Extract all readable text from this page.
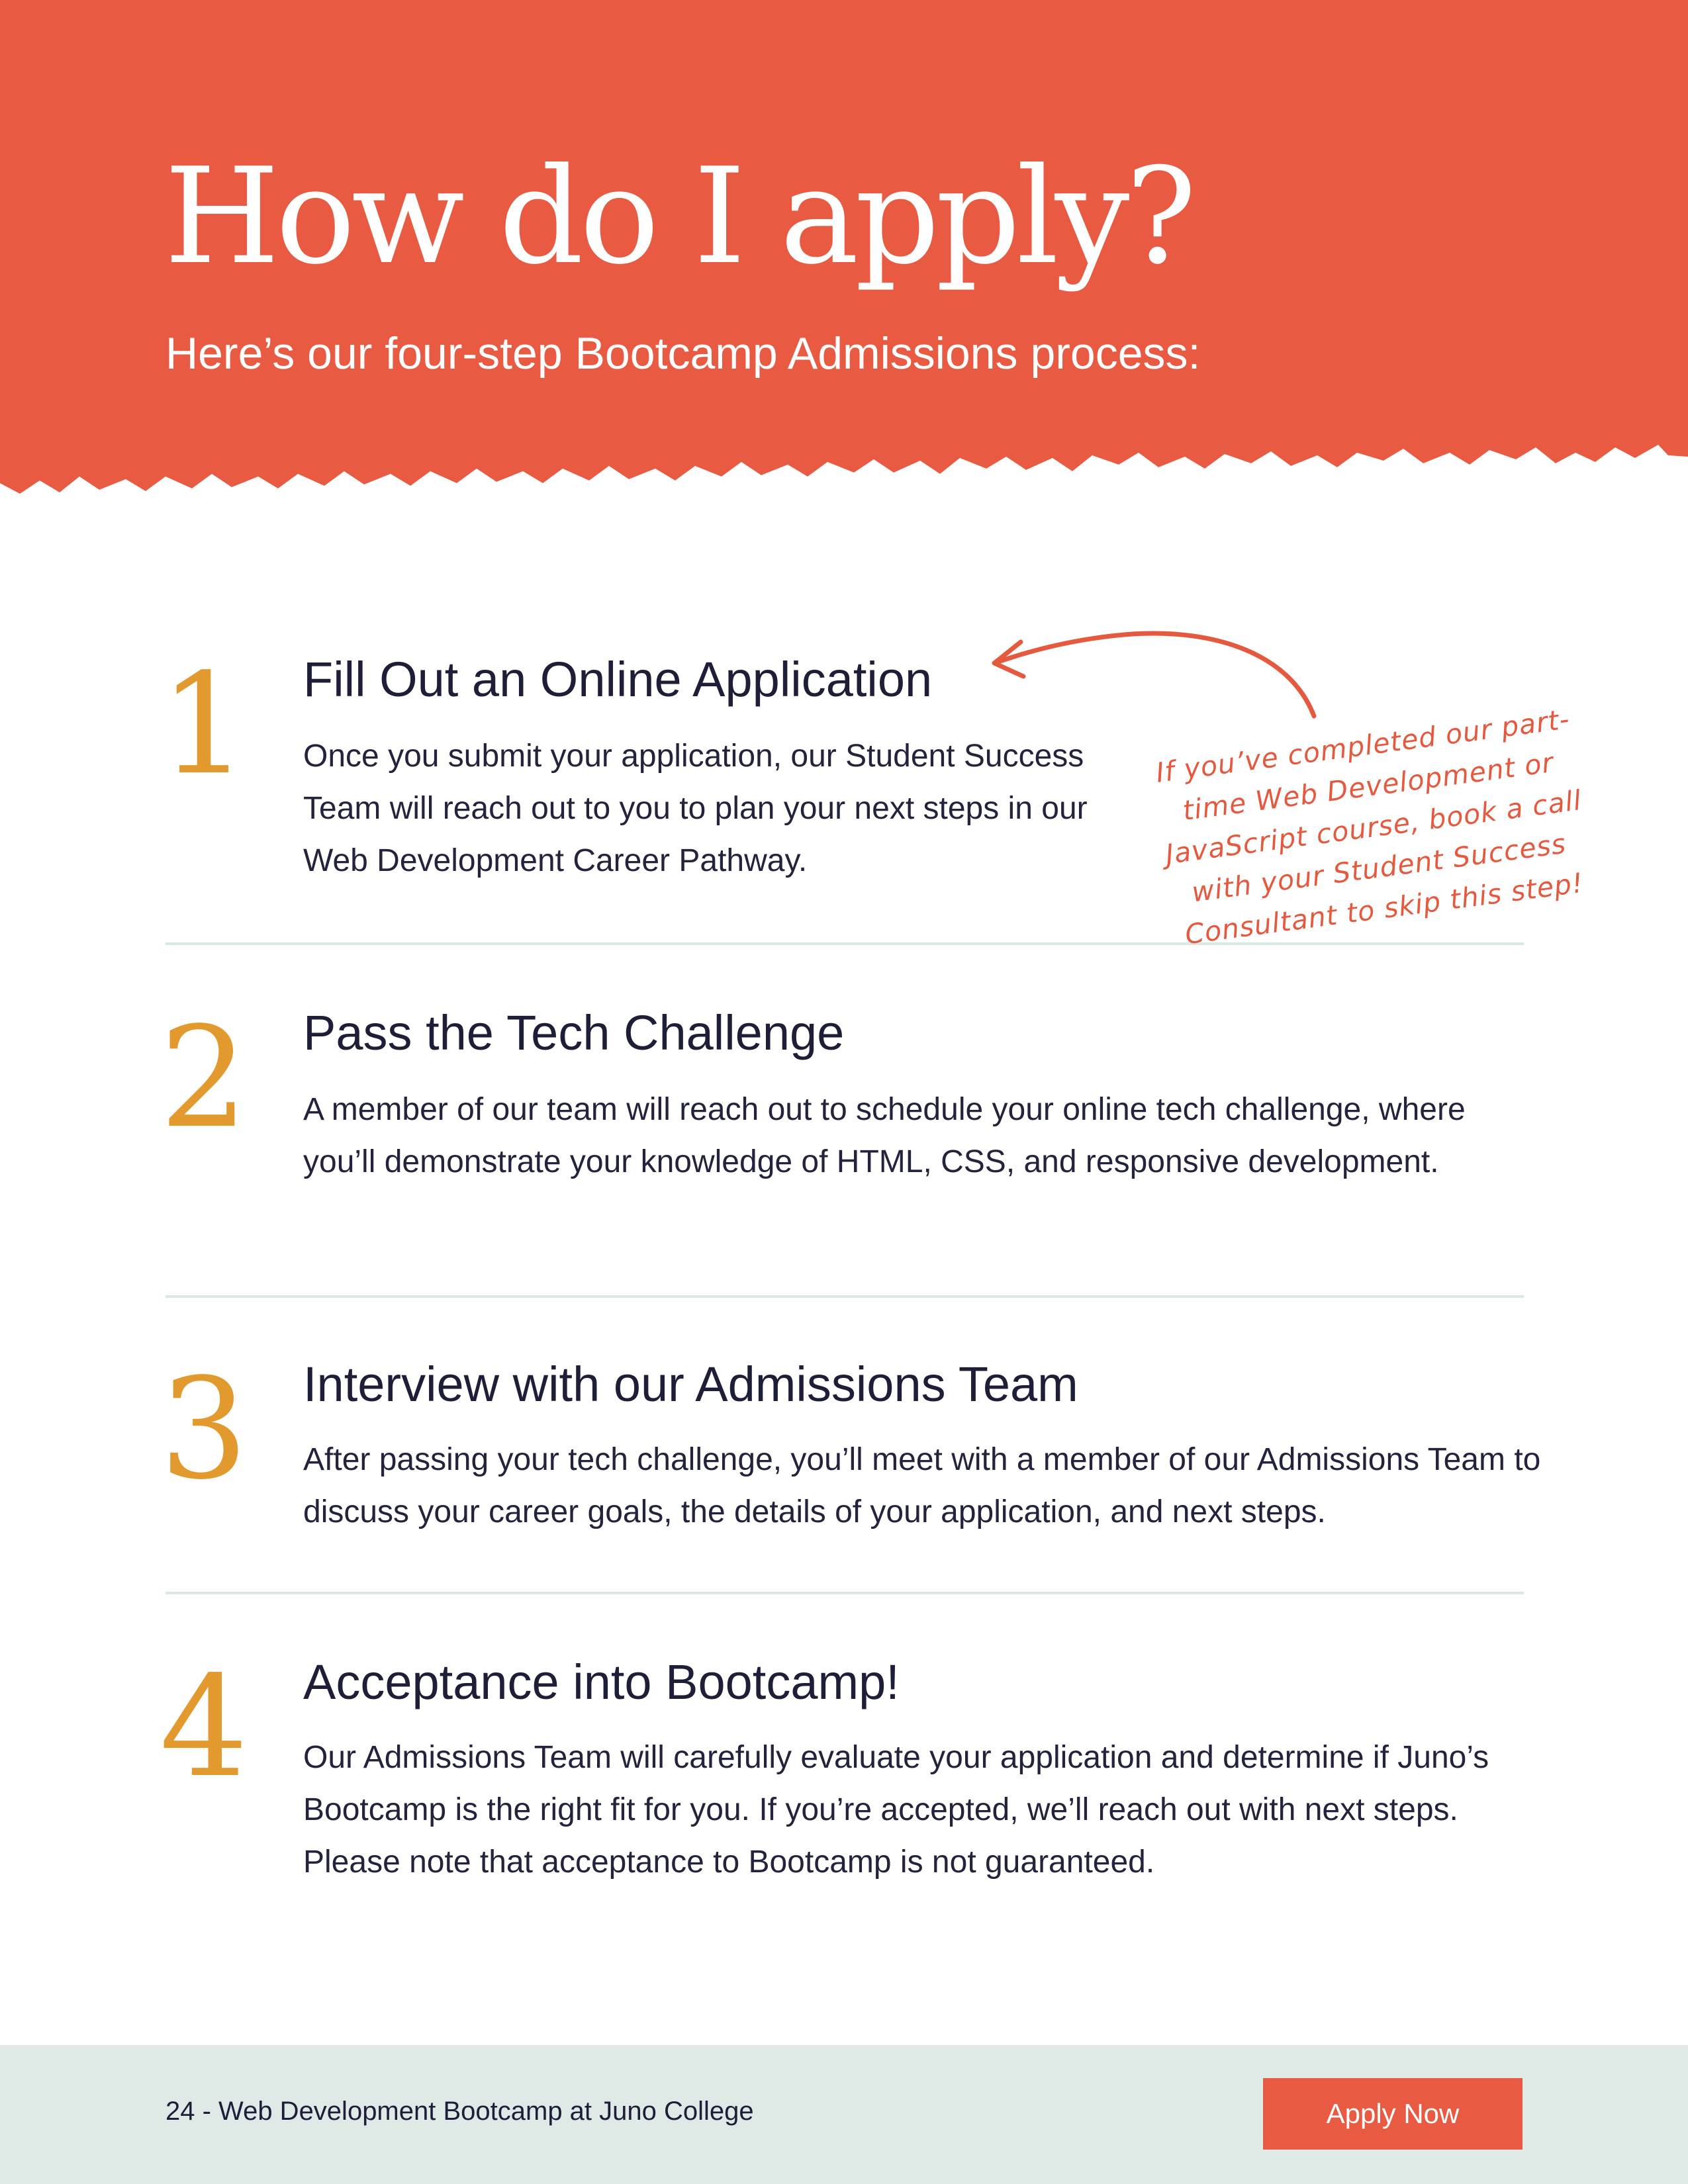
How do I apply?
Here’s our four-step Bootcamp Admissions process:
1 Fill Out an Online Application

Once you submit your application, our Student Success Team will reach out to you to plan your next steps in our Web Development Career Pathway.

2 Pass the Tech Challenge

A member of our team will reach out to schedule your online tech challenge, where you’ll demonstrate your knowledge of HTML, CSS, and responsive development.

3 Interview with our Admissions Team

After passing your tech challenge, you’ll meet with a member of our Admissions Team to discuss your career goals, the details of your application, and next steps.

4 Acceptance into Bootcamp!

Our Admissions Team will carefully evaluate your application and determine if Juno’s Bootcamp is the right fit for you. If you’re accepted, we’ll reach out with next steps. Please note that acceptance to Bootcamp is not guaranteed.

If you’ve completed our part-time Web Development or JavaScript course, book a call with your Student Success Consultant to skip this step!

24 - Web Development Bootcamp at Juno College	Apply Now
